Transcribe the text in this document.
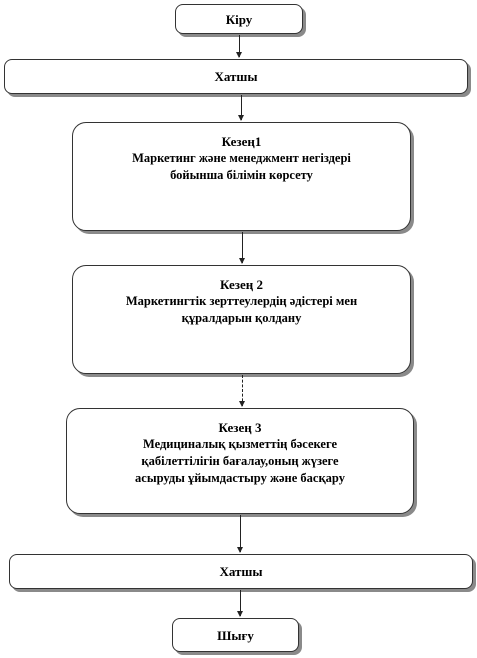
Кіру
Хатшы
Кезең1
Маркетинг және менеджмент негіздері
бойынша білімін көрсету
Кезең 2
Маркетингтік зерттеулердің әдістері мен
құралдарын қолдану
Кезең 3
Медициналық қызметтің бәсекеге
қабілеттілігін бағалау,оның жүзеге
асыруды ұйымдастыру және басқару
Хатшы
Шығу
